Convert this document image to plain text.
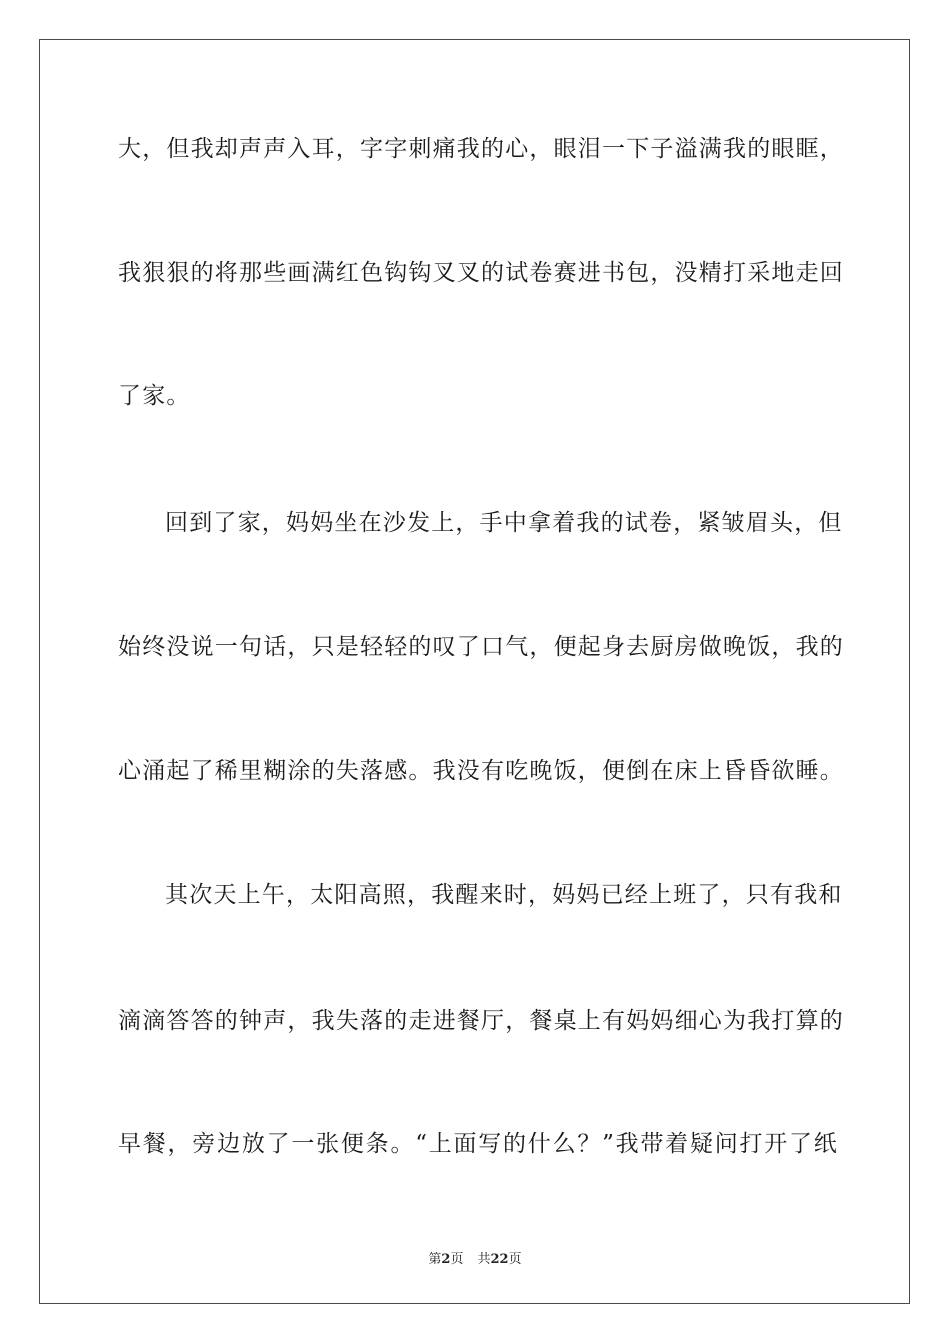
大，但我却声声入耳，字字刺痛我的心，眼泪一下子溢满我的眼眶，
我狠狠的将那些画满红色钩钩叉叉的试卷赛进书包，没精打采地走回
了家。
回到了家，妈妈坐在沙发上，手中拿着我的试卷，紧皱眉头，但
始终没说一句话，只是轻轻的叹了口气，便起身去厨房做晚饭，我的
心涌起了稀里糊涂的失落感。我没有吃晚饭，便倒在床上昏昏欲睡。
其次天上午，太阳高照，我醒来时，妈妈已经上班了，只有我和
滴滴答答的钟声，我失落的走进餐厅，餐桌上有妈妈细心为我打算的
早餐，旁边放了一张便条。“上面写的什么？”我带着疑问打开了纸
第2页 共22页
